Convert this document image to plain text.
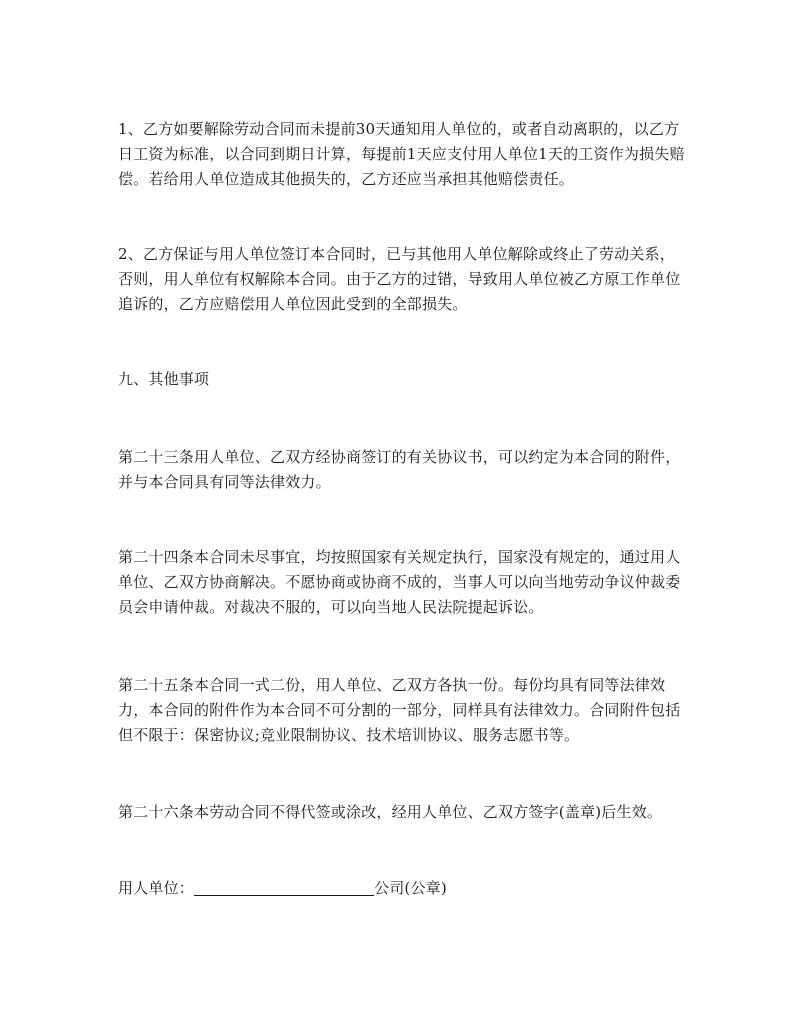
1、乙方如要解除劳动合同而未提前30天通知用人单位的，或者自动离职的，以乙方日工资为标准，以合同到期日计算，每提前1天应支付用人单位1天的工资作为损失赔偿。若给用人单位造成其他损失的，乙方还应当承担其他赔偿责任。

2、乙方保证与用人单位签订本合同时，已与其他用人单位解除或终止了劳动关系，否则，用人单位有权解除本合同。由于乙方的过错，导致用人单位被乙方原工作单位追诉的，乙方应赔偿用人单位因此受到的全部损失。

九、其他事项

第二十三条用人单位、乙双方经协商签订的有关协议书，可以约定为本合同的附件，并与本合同具有同等法律效力。

第二十四条本合同未尽事宜，均按照国家有关规定执行，国家没有规定的，通过用人单位、乙双方协商解决。不愿协商或协商不成的，当事人可以向当地劳动争议仲裁委员会申请仲裁。对裁决不服的，可以向当地人民法院提起诉讼。

第二十五条本合同一式二份，用人单位、乙双方各执一份。每份均具有同等法律效力，本合同的附件作为本合同不可分割的一部分，同样具有法律效力。合同附件包括但不限于：保密协议;竞业限制协议、技术培训协议、服务志愿书等。

第二十六条本劳动合同不得代签或涂改，经用人单位、乙双方签字(盖章)后生效。

用人单位：	公司(公章)
